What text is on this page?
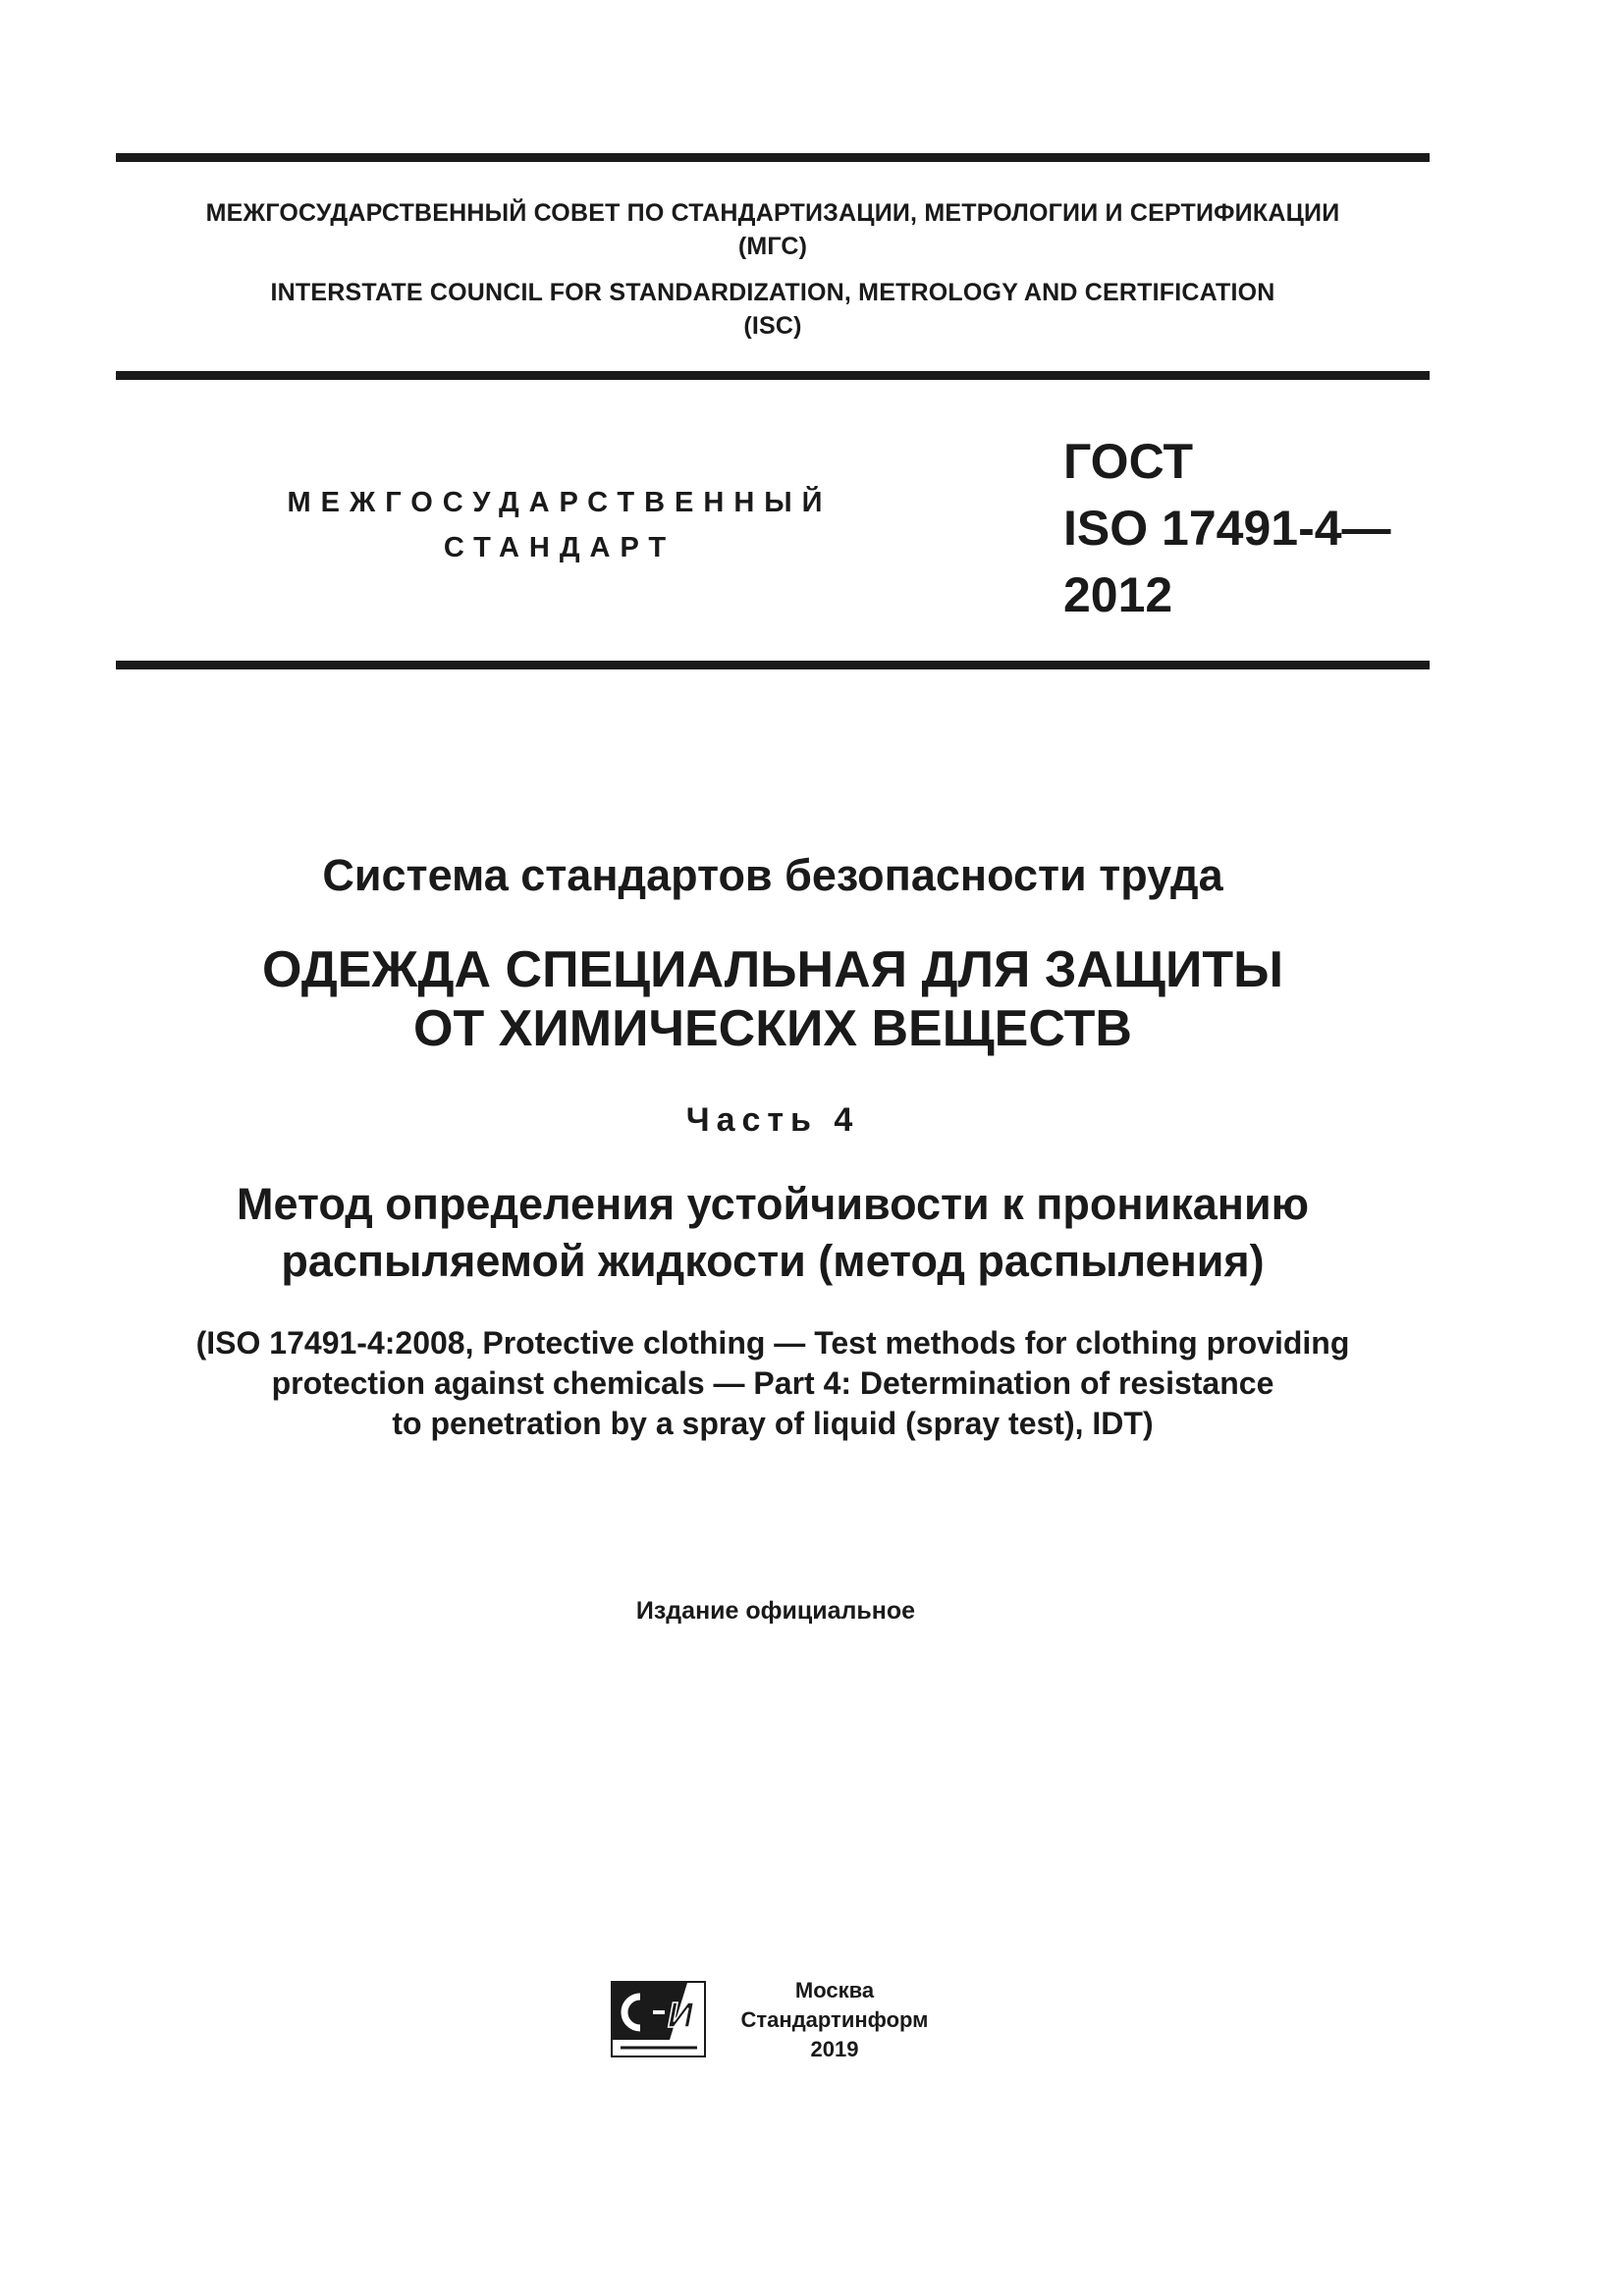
МЕЖГОСУДАРСТВЕННЫЙ СОВЕТ ПО СТАНДАРТИЗАЦИИ, МЕТРОЛОГИИ И СЕРТИФИКАЦИИ
(МГС)
INTERSTATE COUNCIL FOR STANDARDIZATION, METROLOGY AND CERTIFICATION
(ISC)
МЕЖГОСУДАРСТВЕННЫЙ
СТАНДАРТ
ГОСТ
ISO 17491-4—
2012
Система стандартов безопасности труда
ОДЕЖДА СПЕЦИАЛЬНАЯ ДЛЯ ЗАЩИТЫ
ОТ ХИМИЧЕСКИХ ВЕЩЕСТВ
Часть 4
Метод определения устойчивости к прониканию
распыляемой жидкости (метод распыления)
(ISO 17491-4:2008, Protective clothing — Test methods for clothing providing
protection against chemicals — Part 4: Determination of resistance
to penetration by a spray of liquid (spray test), IDT)
Издание официальное
И
Москва
Стандартинформ
2019
